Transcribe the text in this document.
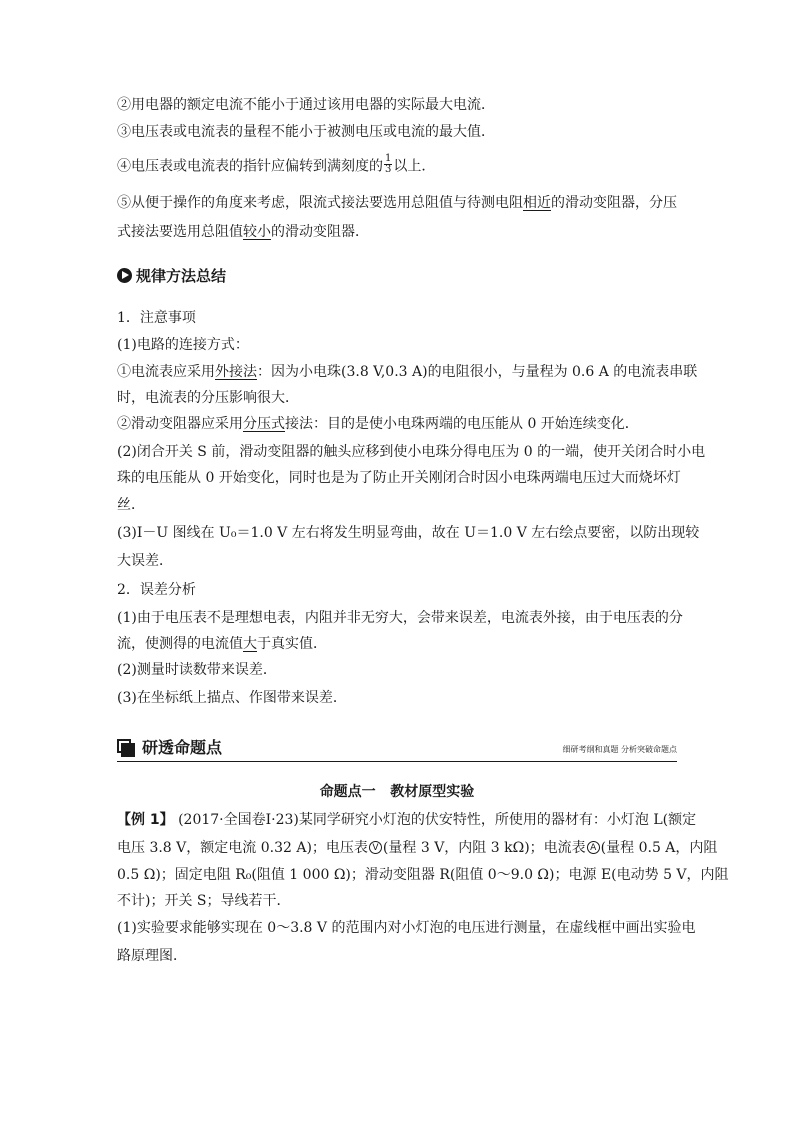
②用电器的额定电流不能小于通过该用电器的实际最大电流．
③电压表或电流表的量程不能小于被测电压或电流的最大值．
④电压表或电流表的指针应偏转到满刻度的 $\frac{1}{3}$ 以上．
⑤从便于操作的角度来考虑，限流式接法要选用总阻值与待测电阻相近的滑动变阻器，分压
式接法要选用总阻值较小的滑动变阻器．
规律方法总结
1．注意事项
(1)电路的连接方式：
①电流表应采用外接法：因为小电珠(3.8 V,0.3 A)的电阻很小，与量程为 0.6 A 的电流表串联
时，电流表的分压影响很大．
②滑动变阻器应采用分压式接法：目的是使小电珠两端的电压能从 0 开始连续变化．
(2)闭合开关 S 前，滑动变阻器的触头应移到使小电珠分得电压为 0 的一端，使开关闭合时小电
珠的电压能从 0 开始变化，同时也是为了防止开关刚闭合时因小电珠两端电压过大而烧坏灯
丝．
(3)I－U 图线在 U₀＝1.0 V 左右将发生明显弯曲，故在 U＝1.0 V 左右绘点要密，以防出现较
大误差．
2．误差分析
(1)由于电压表不是理想电表，内阻并非无穷大，会带来误差，电流表外接，由于电压表的分
流，使测得的电流值大于真实值．
(2)测量时读数带来误差．
(3)在坐标纸上描点、作图带来误差．
研透命题点	细研考纲和真题 分析突破命题点
命题点一   教材原型实验
【例 1】 (2017·全国卷Ⅰ·23)某同学研究小灯泡的伏安特性，所使用的器材有：小灯泡 L(额定
电压 3.8 V，额定电流 0.32 A)；电压表 V (量程 3 V，内阻 3 kΩ)；电流表 A (量程 0.5 A，内阻
0.5 Ω)；固定电阻 R₀(阻值 1 000 Ω)；滑动变阻器 R(阻值 0～9.0 Ω)；电源 E(电动势 5 V，内阻
不计)；开关 S；导线若干．
(1)实验要求能够实现在 0～3.8 V 的范围内对小灯泡的电压进行测量，在虚线框中画出实验电
路原理图．
